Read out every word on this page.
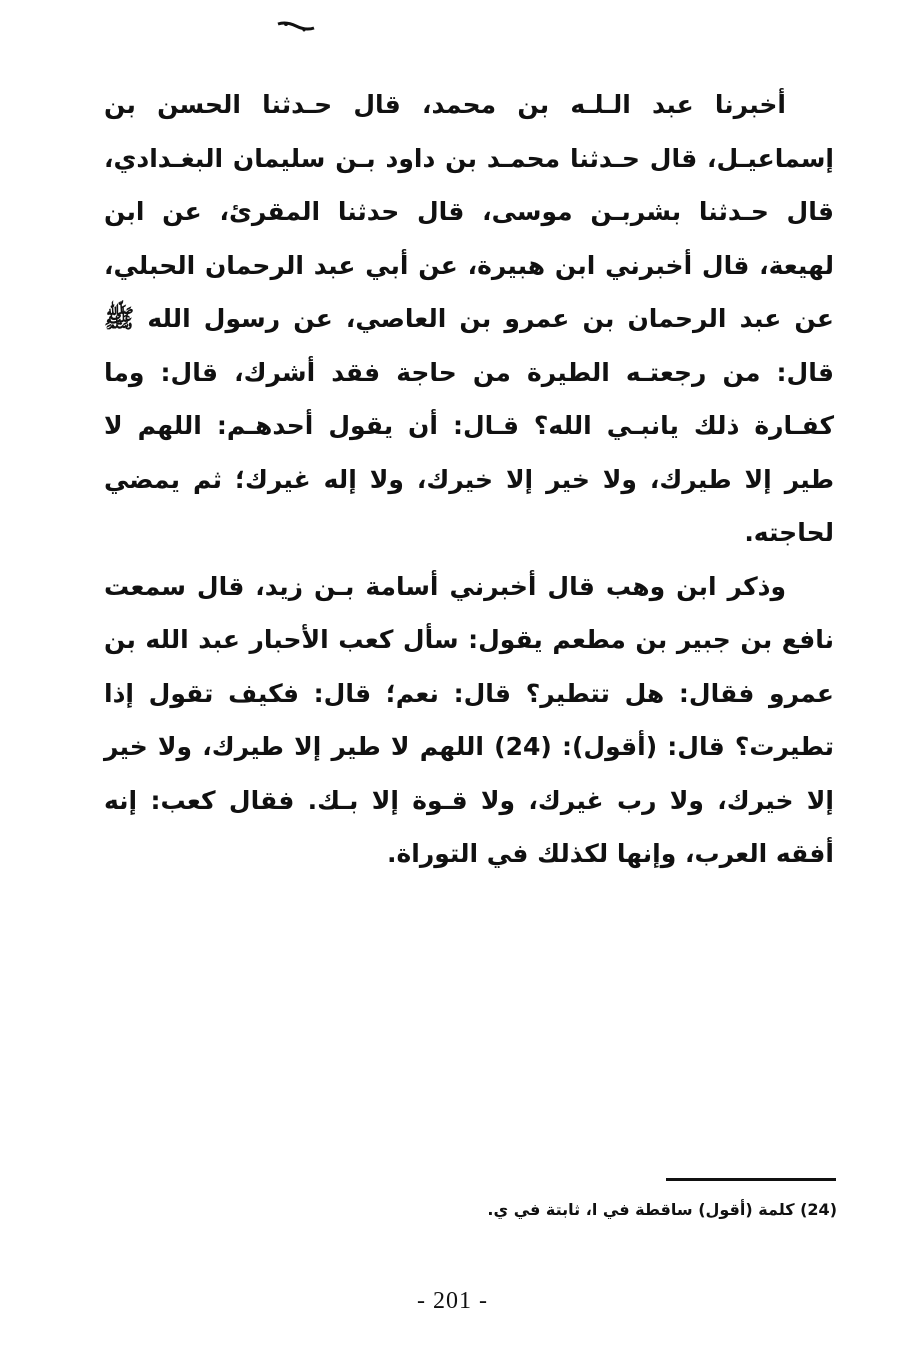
أخبرنا عبد الـلـه بن محمد، قال حـدثنا الحسن بن إسماعيـل، قال حـدثنا محمـد بن داود بـن سليمان البغـدادي، قال حـدثنا بشربـن موسى، قال حدثنا المقرئ، عن ابن لهيعة، قال أخبرني ابن هبيرة، عن أبي عبد الرحمان الحبلي، عن عبد الرحمان بن عمرو بن العاصي، عن رسول الله ﷺ قال: من رجعتـه الطيرة من حاجة فقد أشرك، قال: وما كفـارة ذلك يانبـي الله؟ قـال: أن يقول أحدهـم: اللهم لا طير إلا طيرك، ولا خير إلا خيرك، ولا إله غيرك؛ ثم يمضي لحاجته.

وذكر ابن وهب قال أخبرني أسامة بـن زيد، قال سمعت نافع بن جبير بن مطعم يقول: سأل كعب الأحبار عبد الله بن عمرو فقال: هل تتطير؟ قال: نعم؛ قال: فكيف تقول إذا تطيرت؟ قال: (أقول): (24) اللهم لا طير إلا طيرك، ولا خير إلا خيرك، ولا رب غيرك، ولا قـوة إلا بـك. فقال كعب: إنه أفقه العرب، وإنها لكذلك في التوراة.

(24) كلمة (أقول) ساقطة في ا، ثابتة في ي.
- 201 -
